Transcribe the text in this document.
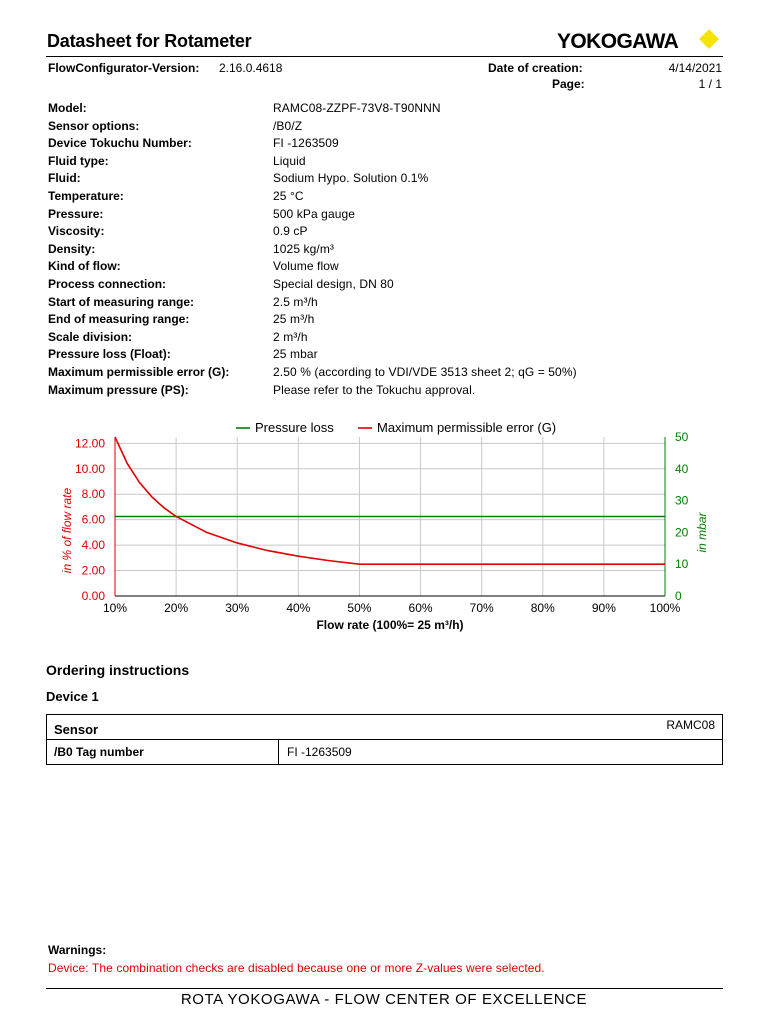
Datasheet for Rotameter	YOKOGAWA
FlowConfigurator-Version: 2.16.0.4618	Date of creation:	4/14/2021
Page:	1 / 1
Model:	RAMC08-ZZPF-73V8-T90NNN
Sensor options:	/B0/Z
Device Tokuchu Number:	FI -1263509
Fluid type:	Liquid
Fluid:	Sodium Hypo. Solution 0.1%
Temperature:	25 °C
Pressure:	500 kPa gauge
Viscosity:	0.9 cP
Density:	1025 kg/m³
Kind of flow:	Volume flow
Process connection:	Special design, DN 80
Start of measuring range:	2.5 m³/h
End of measuring range:	25 m³/h
Scale division:	2 m³/h
Pressure loss (Float):	25 mbar
Maximum permissible error (G):	2.50 % (according to VDI/VDE 3513 sheet 2; qG = 50%)
Maximum pressure (PS):	Please refer to the Tokuchu approval.
10%	20%	30%	40%	50%	60%	70%	80%	90%	100%
0.00
2.00
4.00
6.00
8.00
10.00
12.00
0
10
20
30
40
50
Flow rate (100%= 25 m³/h)
in % of flow rate	in mbar
Pressure loss	Maximum permissible error (G)
Ordering instructions
Device 1
Sensor	RAMC08
/B0 Tag number	FI -1263509
Warnings:
Device: The combination checks are disabled because one or more Z-values were selected.
ROTA YOKOGAWA - FLOW CENTER OF EXCELLENCE
